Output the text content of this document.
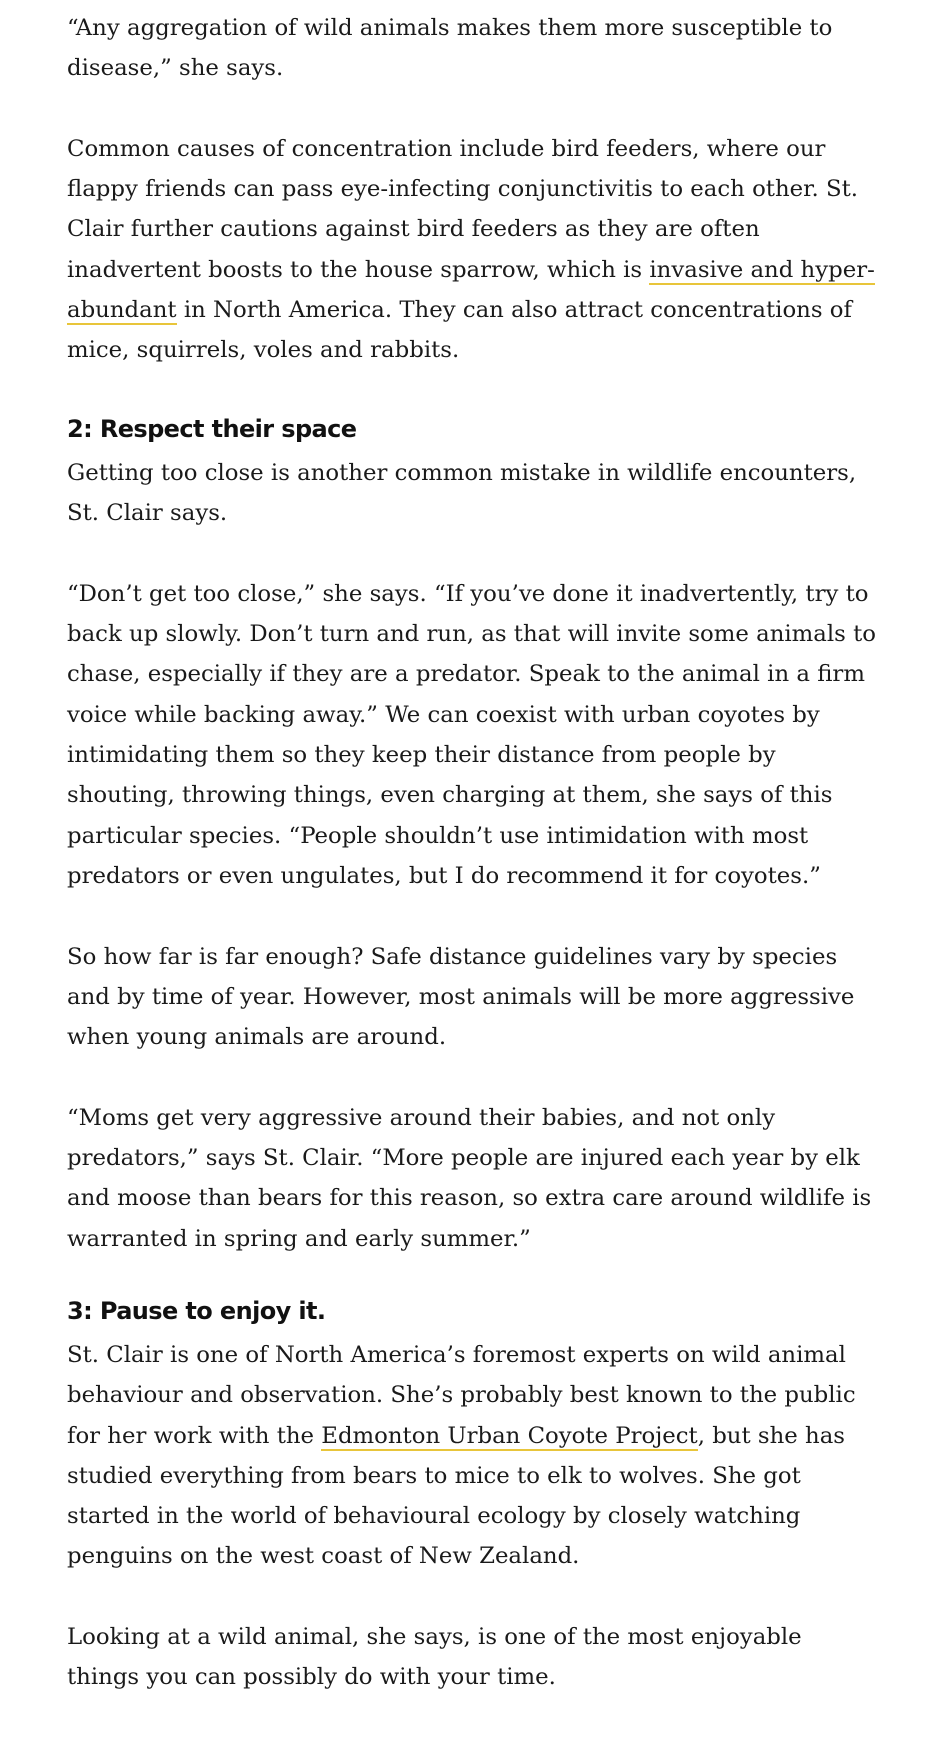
“Any aggregation of wild animals makes them more susceptible to disease,” she says.

Common causes of concentration include bird feeders, where our flappy friends can pass eye-infecting conjunctivitis to each other. St. Clair further cautions against bird feeders as they are often inadvertent boosts to the house sparrow, which is invasive and hyper-abundant in North America. They can also attract concentrations of mice, squirrels, voles and rabbits.

2: Respect their space

Getting too close is another common mistake in wildlife encounters, St. Clair says.

“Don’t get too close,” she says. “If you’ve done it inadvertently, try to back up slowly. Don’t turn and run, as that will invite some animals to chase, especially if they are a predator. Speak to the animal in a firm voice while backing away.” We can coexist with urban coyotes by intimidating them so they keep their distance from people by shouting, throwing things, even charging at them, she says of this particular species. “People shouldn’t use intimidation with most predators or even ungulates, but I do recommend it for coyotes.”

So how far is far enough? Safe distance guidelines vary by species and by time of year. However, most animals will be more aggressive when young animals are around.

“Moms get very aggressive around their babies, and not only predators,” says St. Clair. “More people are injured each year by elk and moose than bears for this reason, so extra care around wildlife is warranted in spring and early summer.”

3: Pause to enjoy it.

St. Clair is one of North America’s foremost experts on wild animal behaviour and observation. She’s probably best known to the public for her work with the Edmonton Urban Coyote Project, but she has studied everything from bears to mice to elk to wolves. She got started in the world of behavioural ecology by closely watching penguins on the west coast of New Zealand.

Looking at a wild animal, she says, is one of the most enjoyable things you can possibly do with your time.
